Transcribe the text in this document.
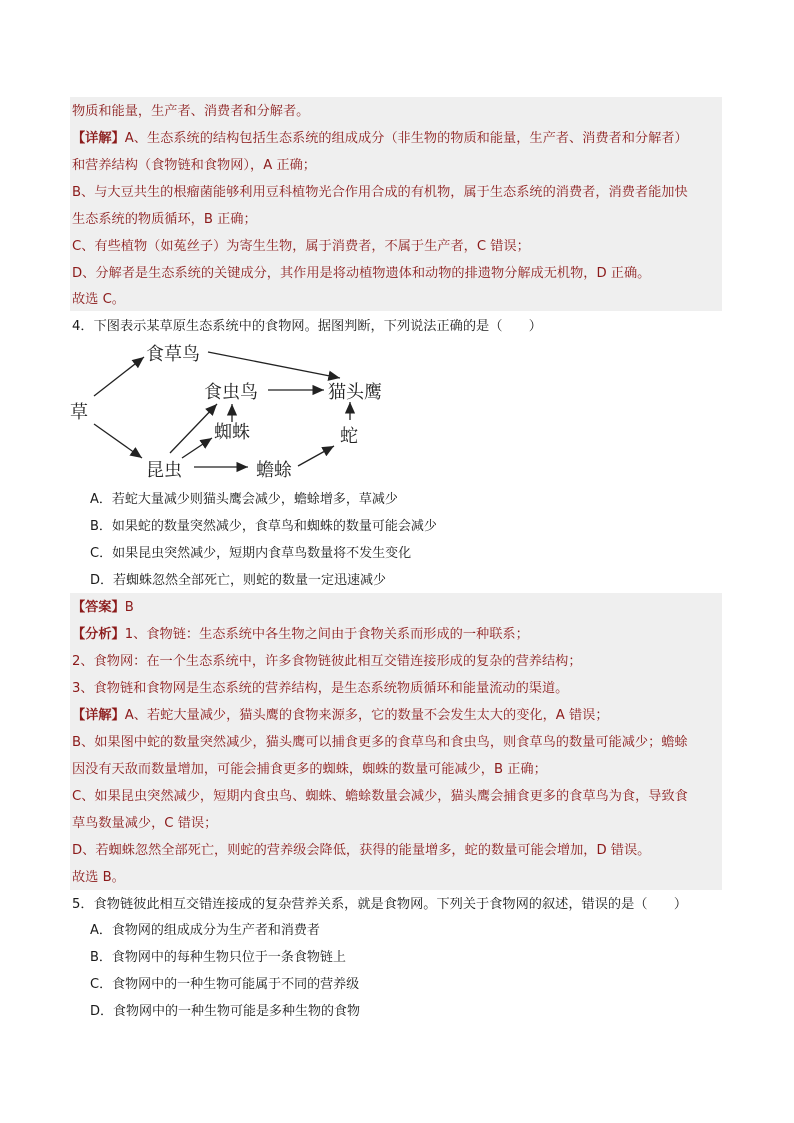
物质和能量，生产者、消费者和分解者。
【详解】A、生态系统的结构包括生态系统的组成成分（非生物的物质和能量，生产者、消费者和分解者）
和营养结构（食物链和食物网），A 正确；
B、与大豆共生的根瘤菌能够利用豆科植物光合作用合成的有机物，属于生态系统的消费者，消费者能加快
生态系统的物质循环，B 正确；
C、有些植物（如菟丝子）为寄生生物，属于消费者，不属于生产者，C 错误；
D、分解者是生态系统的关键成分，其作用是将动植物遗体和动物的排遗物分解成无机物，D 正确。
故选 C。
4．下图表示某草原生态系统中的食物网。据图判断，下列说法正确的是（　　）
草
食草鸟
食虫鸟	猫头鹰
蜘蛛	蛇
昆虫	蟾蜍
A．若蛇大量减少则猫头鹰会减少，蟾蜍增多，草减少
B．如果蛇的数量突然减少，食草鸟和蜘蛛的数量可能会减少
C．如果昆虫突然减少，短期内食草鸟数量将不发生变化
D．若蜘蛛忽然全部死亡，则蛇的数量一定迅速减少
【答案】B
【分析】1、食物链：生态系统中各生物之间由于食物关系而形成的一种联系；
2、食物网：在一个生态系统中，许多食物链彼此相互交错连接形成的复杂的营养结构；
3、食物链和食物网是生态系统的营养结构，是生态系统物质循环和能量流动的渠道。
【详解】A、若蛇大量减少，猫头鹰的食物来源多，它的数量不会发生太大的变化，A 错误；
B、如果图中蛇的数量突然减少，猫头鹰可以捕食更多的食草鸟和食虫鸟，则食草鸟的数量可能减少；蟾蜍
因没有天敌而数量增加，可能会捕食更多的蜘蛛，蜘蛛的数量可能减少，B 正确；
C、如果昆虫突然减少，短期内食虫鸟、蜘蛛、蟾蜍数量会减少，猫头鹰会捕食更多的食草鸟为食，导致食
草鸟数量减少，C 错误；
D、若蜘蛛忽然全部死亡，则蛇的营养级会降低，获得的能量增多，蛇的数量可能会增加，D 错误。
故选 B。
5．食物链彼此相互交错连接成的复杂营养关系，就是食物网。下列关于食物网的叙述，错误的是（　　）
A．食物网的组成成分为生产者和消费者
B．食物网中的每种生物只位于一条食物链上
C．食物网中的一种生物可能属于不同的营养级
D．食物网中的一种生物可能是多种生物的食物
